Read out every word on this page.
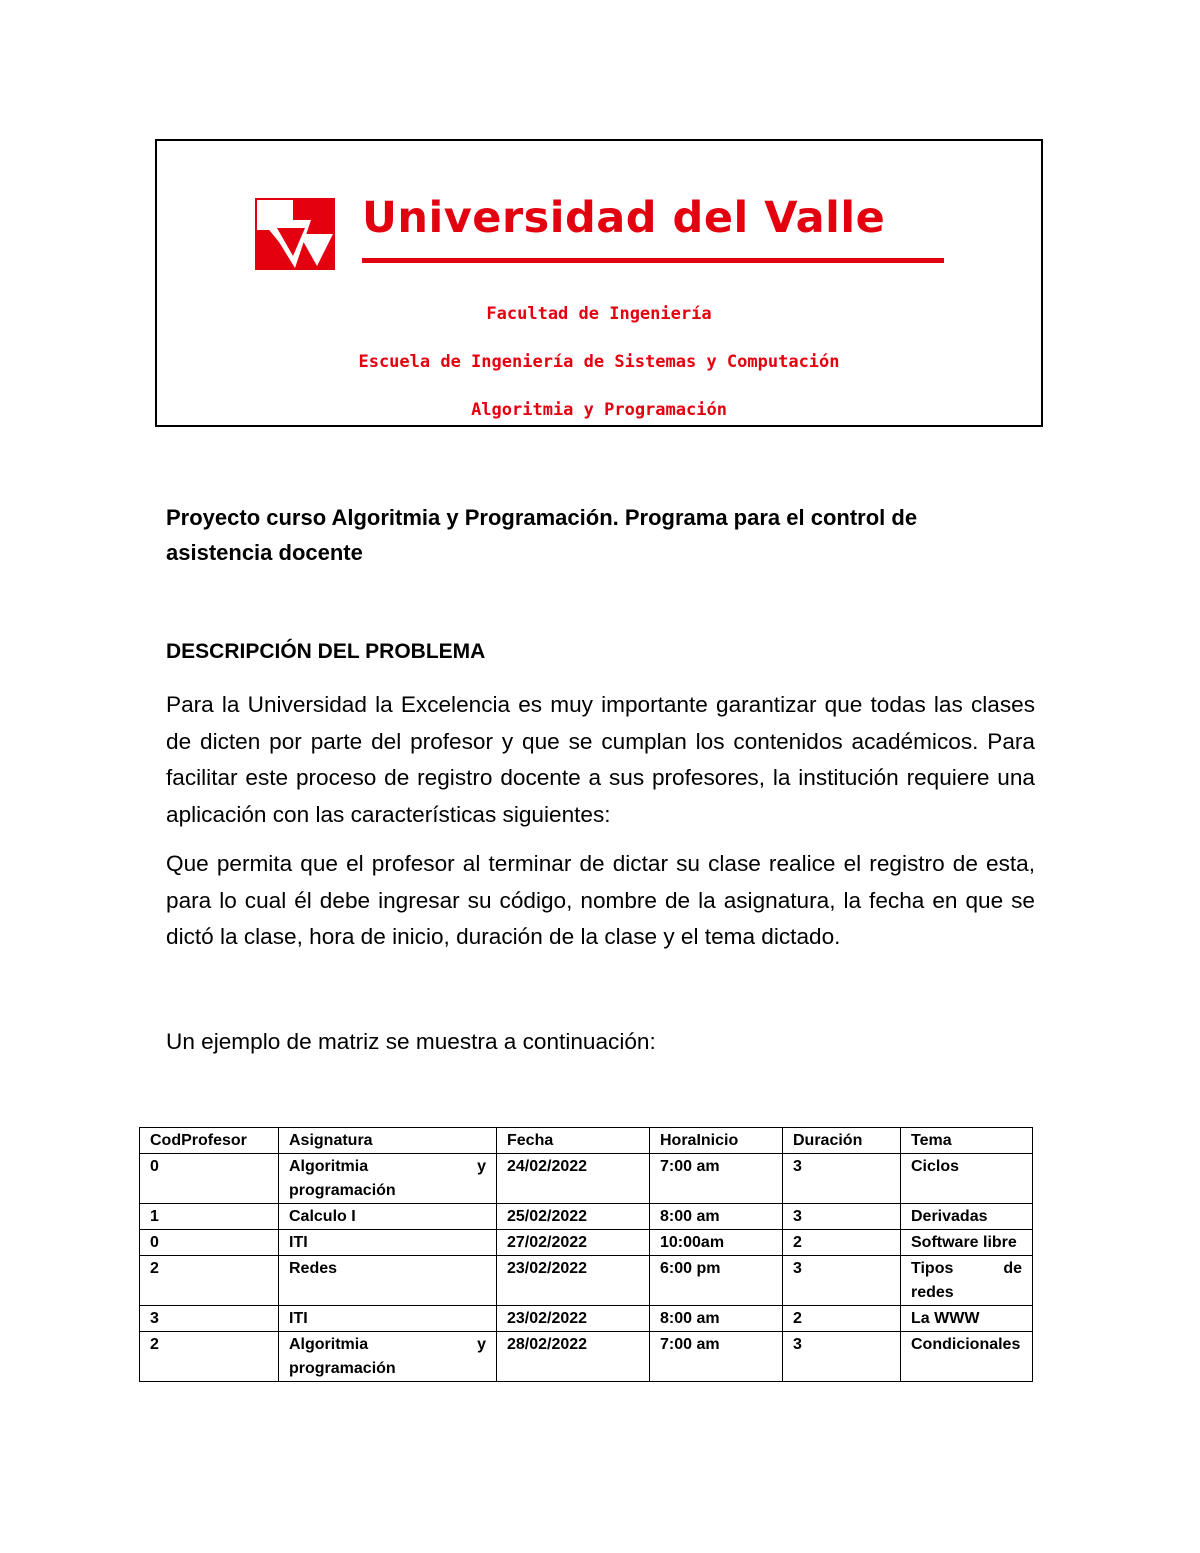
Universidad del Valle
Facultad de Ingeniería
Escuela de Ingeniería de Sistemas y Computación
Algoritmia y Programación
Proyecto curso Algoritmia y Programación. Programa para el control de asistencia docente
DESCRIPCIÓN DEL PROBLEMA

Para la Universidad la Excelencia es muy importante garantizar que todas las clases de dicten por parte del profesor y que se cumplan los contenidos académicos. Para facilitar este proceso de registro docente a sus profesores, la institución requiere una aplicación con las características siguientes:

Que permita que el profesor al terminar de dictar su clase realice el registro de esta, para lo cual él debe ingresar su código, nombre de la asignatura, la fecha en que se dictó la clase, hora de inicio, duración de la clase y el tema dictado.

Un ejemplo de matriz se muestra a continuación:

CodProfesor	Asignatura	Fecha	HoraInicio	Duración	Tema
0	Algoritmia y programación	24/02/2022	7:00 am	3	Ciclos
1	Calculo I	25/02/2022	8:00 am	3	Derivadas
0	ITI	27/02/2022	10:00am	2	Software libre
2	Redes	23/02/2022	6:00 pm	3	Tipos de redes

3	ITI	23/02/2022	8:00 am	2	La WWW
2	Algoritmia y programación	28/02/2022	7:00 am	3	Condicionales
